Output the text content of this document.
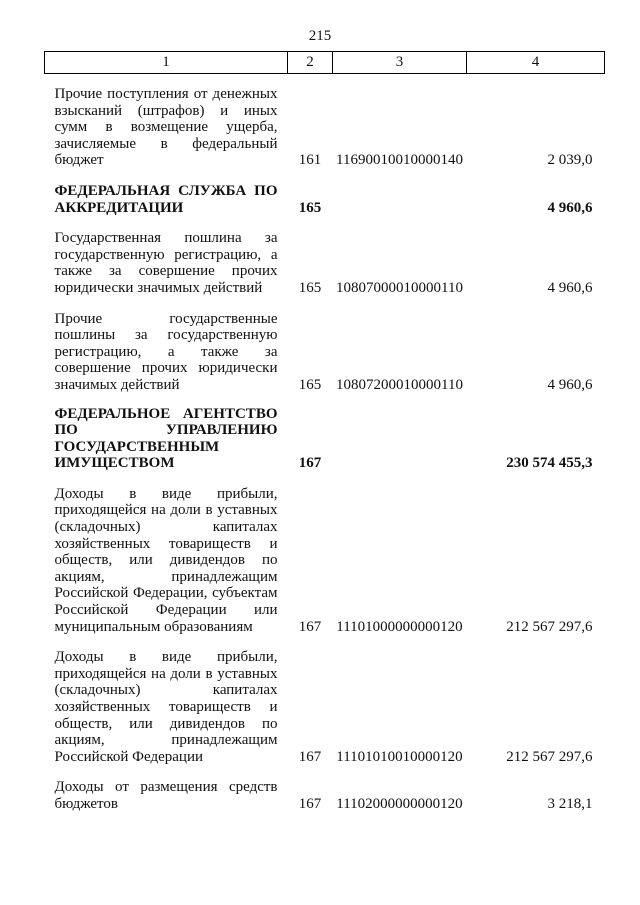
215
1	2	3	4
Прочие поступления от денежных взысканий (штрафов) и иных сумм в возмещение ущерба, зачисляемые в федеральный бюджет	161	11690010010000140	2 039,0
ФЕДЕРАЛЬНАЯ СЛУЖБА ПО АККРЕДИТАЦИИ	165		4 960,6
Государственная пошлина за государственную регистрацию, а также за совершение прочих юридически значимых действий	165	10807000010000110	4 960,6
Прочие государственные пошлины за государственную регистрацию, а также за совершение прочих юридически значимых действий	165	10807200010000110	4 960,6
ФЕДЕРАЛЬНОЕ АГЕНТСТВО ПО УПРАВЛЕНИЮ ГОСУДАРСТВЕННЫМ ИМУЩЕСТВОМ	167		230 574 455,3
Доходы в виде прибыли, приходящейся на доли в уставных (складочных) капиталах хозяйственных товариществ и обществ, или дивидендов по акциям, принадлежащим Российской Федерации, субъектам Российской Федерации или муниципальным образованиям	167	11101000000000120	212 567 297,6
Доходы в виде прибыли, приходящейся на доли в уставных (складочных) капиталах хозяйственных товариществ и обществ, или дивидендов по акциям, принадлежащим Российской Федерации	167	11101010010000120	212 567 297,6
Доходы от размещения средств бюджетов	167	11102000000000120	3 218,1
